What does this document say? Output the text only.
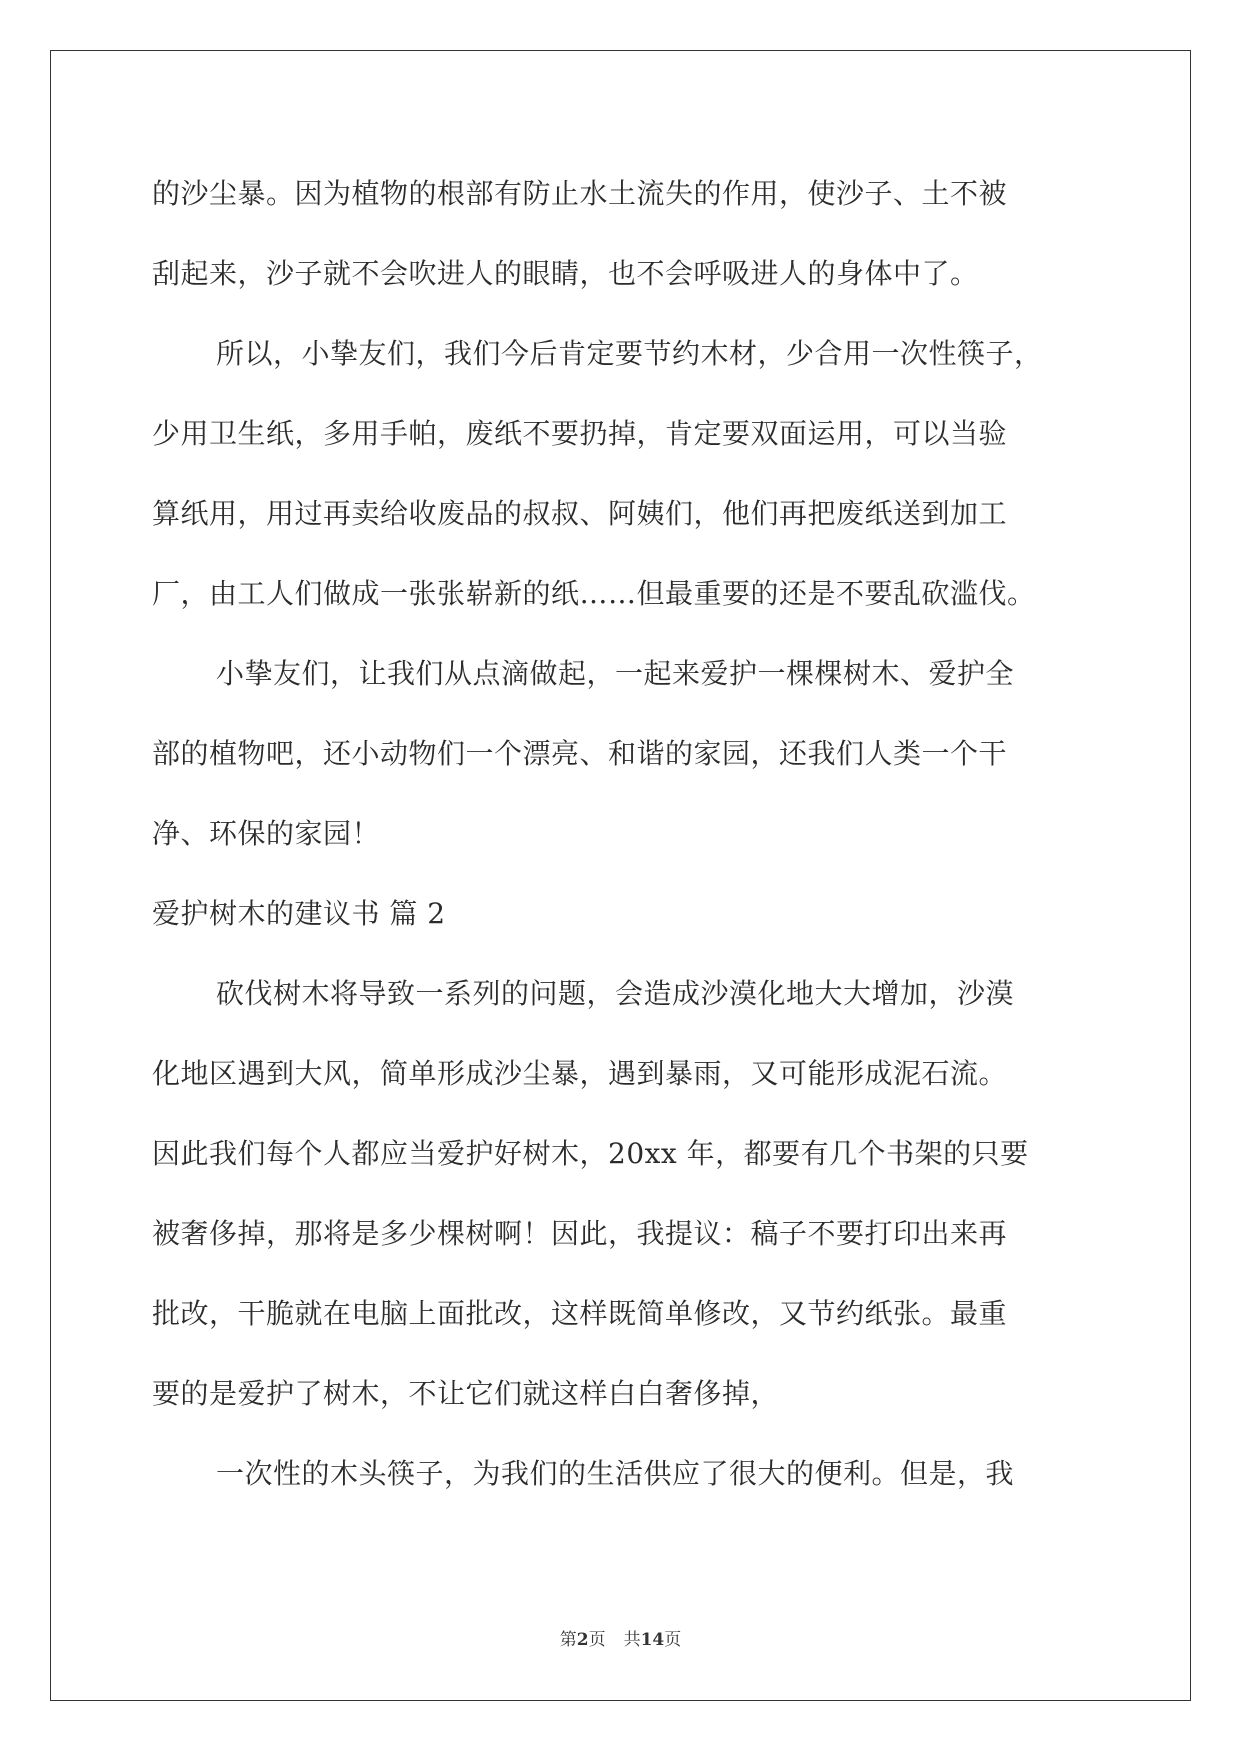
的沙尘暴。因为植物的根部有防止水土流失的作用，使沙子、土不被
刮起来，沙子就不会吹进人的眼睛，也不会呼吸进人的身体中了。
所以，小挚友们，我们今后肯定要节约木材，少合用一次性筷子，
少用卫生纸，多用手帕，废纸不要扔掉，肯定要双面运用，可以当验
算纸用，用过再卖给收废品的叔叔、阿姨们，他们再把废纸送到加工
厂，由工人们做成一张张崭新的纸……但最重要的还是不要乱砍滥伐。
小挚友们，让我们从点滴做起，一起来爱护一棵棵树木、爱护全
部的植物吧，还小动物们一个漂亮、和谐的家园，还我们人类一个干
净、环保的家园！
爱护树木的建议书 篇 2
砍伐树木将导致一系列的问题，会造成沙漠化地大大增加，沙漠
化地区遇到大风，简单形成沙尘暴，遇到暴雨，又可能形成泥石流。
因此我们每个人都应当爱护好树木，20xx 年，都要有几个书架的只要
被奢侈掉，那将是多少棵树啊！因此，我提议：稿子不要打印出来再
批改，干脆就在电脑上面批改，这样既简单修改，又节约纸张。最重
要的是爱护了树木，不让它们就这样白白奢侈掉，
一次性的木头筷子，为我们的生活供应了很大的便利。但是，我
第2页 共14页
